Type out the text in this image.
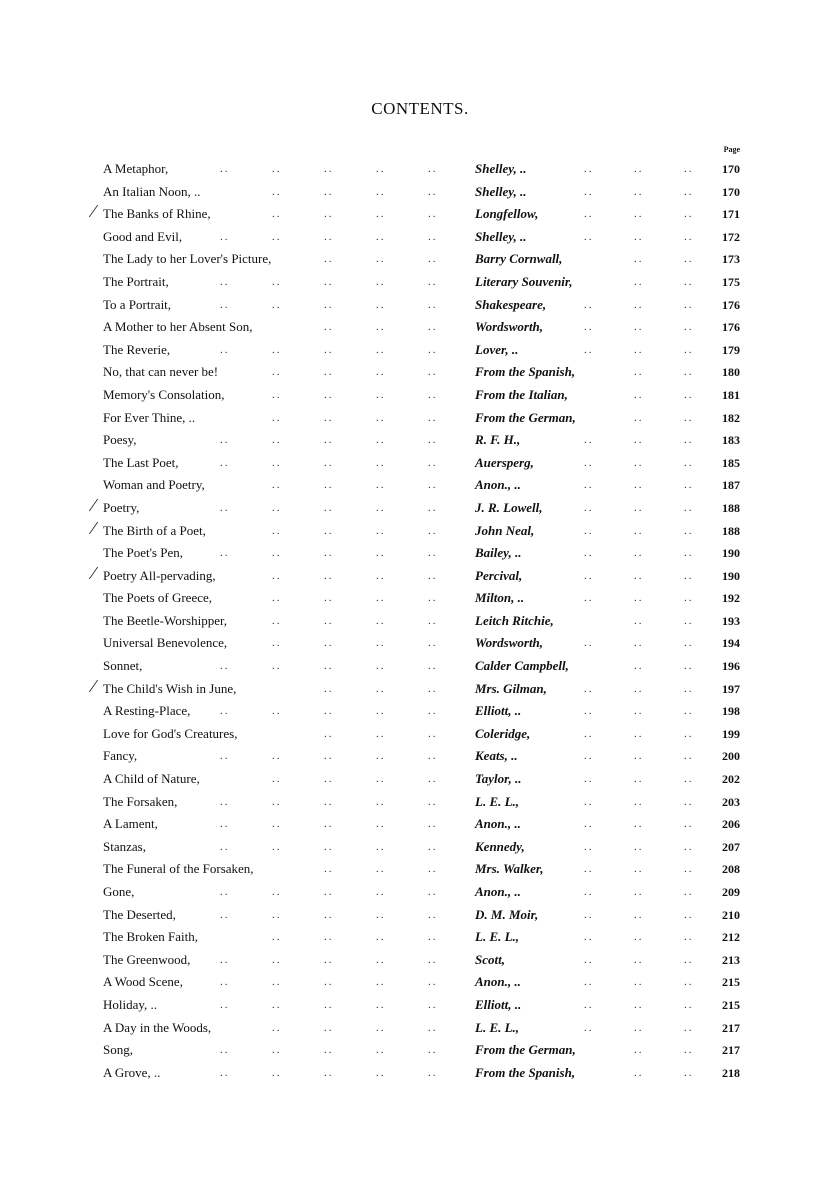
CONTENTS.
Page
A Metaphor,	..	..	..	..	..	Shelley, ..	..	..	..	170
An Italian Noon, ..	..	..	..	..	Shelley, ..	..	..	..	170
The Banks of Rhine,	..	..	..	..	Longfellow,	..	..	..	171
Good and Evil,	..	..	..	..	..	Shelley, ..	..	..	..	172
The Lady to her Lover's Picture,	..	..	..	Barry Cornwall,	..	..	173
The Portrait,	..	..	..	..	..	Literary Souvenir,	..	..	175
To a Portrait,	..	..	..	..	..	Shakespeare,	..	..	..	176
A Mother to her Absent Son,	..	..	..	Wordsworth,	..	..	..	176
The Reverie,	..	..	..	..	..	Lover, ..	..	..	..	179
No, that can never be!	..	..	..	..	From the Spanish,	..	..	180
Memory's Consolation,	..	..	..	..	From the Italian,	..	..	181
For Ever Thine, ..	..	..	..	..	From the German,	..	..	182
Poesy,	..	..	..	..	..	R. F. H.,	..	..	..	183
The Last Poet,	..	..	..	..	..	Auersperg,	..	..	..	185
Woman and Poetry,	..	..	..	..	Anon., ..	..	..	..	187
Poetry,	..	..	..	..	..	J. R. Lowell,	..	..	..	188
The Birth of a Poet,	..	..	..	..	John Neal,	..	..	..	188
The Poet's Pen,	..	..	..	..	..	Bailey, ..	..	..	..	190
Poetry All-pervading,	..	..	..	..	Percival,	..	..	..	190
The Poets of Greece,	..	..	..	..	Milton, ..	..	..	..	192
The Beetle-Worshipper,	..	..	..	..	Leitch Ritchie,	..	..	193
Universal Benevolence,	..	..	..	..	Wordsworth,	..	..	..	194
Sonnet,	..	..	..	..	..	Calder Campbell,	..	..	196
The Child's Wish in June,	..	..	..	Mrs. Gilman,	..	..	..	197
A Resting-Place,	..	..	..	..	..	Elliott, ..	..	..	..	198
Love for God's Creatures,	..	..	..	Coleridge,	..	..	..	199
Fancy,	..	..	..	..	..	Keats, ..	..	..	..	200
A Child of Nature,	..	..	..	..	Taylor, ..	..	..	..	202
The Forsaken,	..	..	..	..	..	L. E. L.,	..	..	..	203
A Lament,	..	..	..	..	..	Anon., ..	..	..	..	206
Stanzas,	..	..	..	..	..	Kennedy,	..	..	..	207
The Funeral of the Forsaken,	..	..	..	Mrs. Walker,	..	..	..	208
Gone,	..	..	..	..	..	Anon., ..	..	..	..	209
The Deserted,	..	..	..	..	..	D. M. Moir,	..	..	..	210
The Broken Faith,	..	..	..	..	L. E. L.,	..	..	..	212
The Greenwood,	..	..	..	..	..	Scott,	..	..	..	213
A Wood Scene,	..	..	..	..	..	Anon., ..	..	..	..	215
Holiday, ..	..	..	..	..	..	Elliott, ..	..	..	..	215
A Day in the Woods,	..	..	..	..	L. E. L.,	..	..	..	217
Song,	..	..	..	..	..	From the German,	..	..	217
A Grove, ..	..	..	..	..	..	From the Spanish,	..	..	218
